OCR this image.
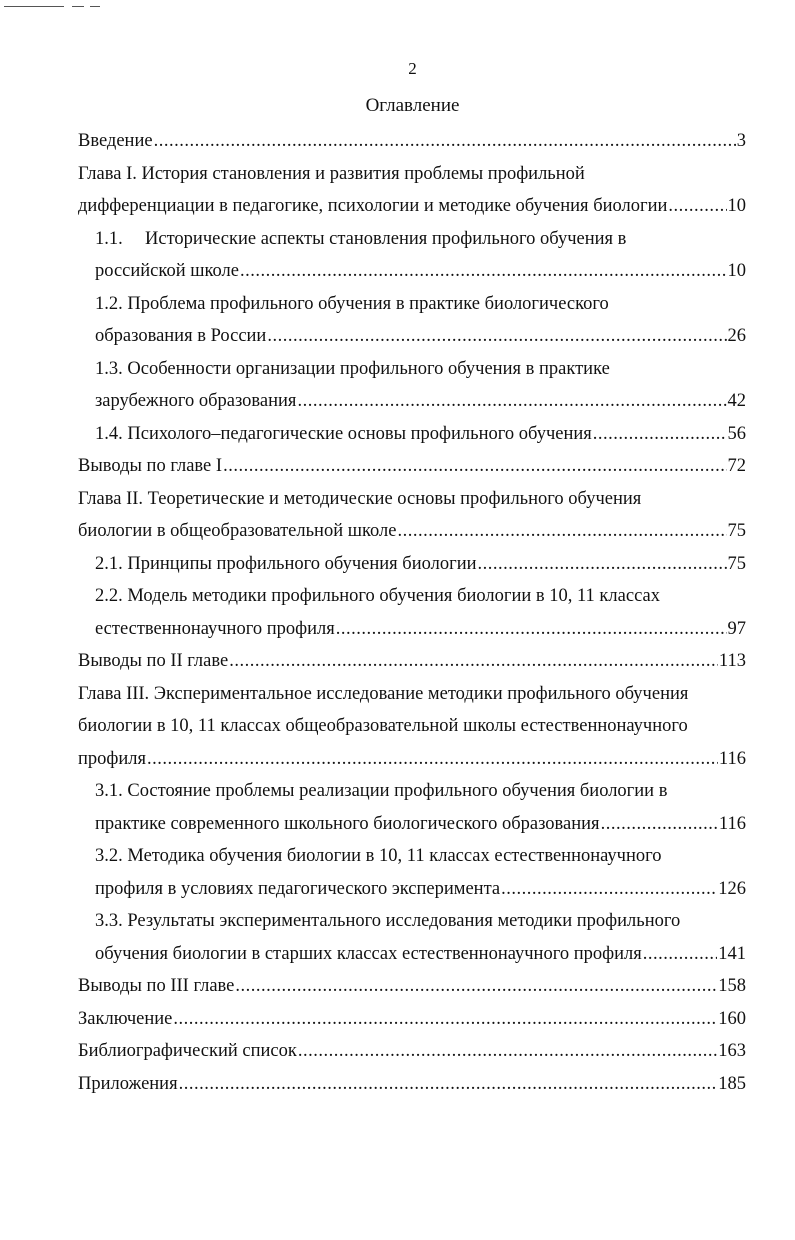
2
Оглавление
Введение .....	3
Глава I. История становления и развития проблемы профильной
дифференциации в педагогике, психологии и методике обучения биологии .....	10
1.1. Исторические аспекты становления профильного обучения в
российской школе .....	10
1.2. Проблема профильного обучения в практике биологического
образования в России .....	26
1.3. Особенности организации профильного обучения в практике
зарубежного образования .....	42
1.4. Психолого–педагогические основы профильного обучения .....	56
Выводы по главе I .....	72
Глава II. Теоретические и методические основы профильного обучения
биологии в общеобразовательной школе .....	75
2.1. Принципы профильного обучения биологии .....	75
2.2. Модель методики профильного обучения биологии в 10, 11 классах
естественнонаучного профиля .....	97
Выводы по II главе .....	113
Глава III. Экспериментальное исследование методики профильного обучения
биологии в 10, 11 классах общеобразовательной школы естественнонаучного
профиля .....	116
3.1. Состояние проблемы реализации профильного обучения биологии в
практике современного школьного биологического образования .....	116
3.2. Методика обучения биологии в 10, 11 классах естественнонаучного
профиля в условиях педагогического эксперимента .....	126
3.3. Результаты экспериментального исследования методики профильного
обучения биологии в старших классах естественнонаучного профиля .....	141
Выводы по III главе .....	158
Заключение .....	160
Библиографический список .....	163
Приложения .....	185
